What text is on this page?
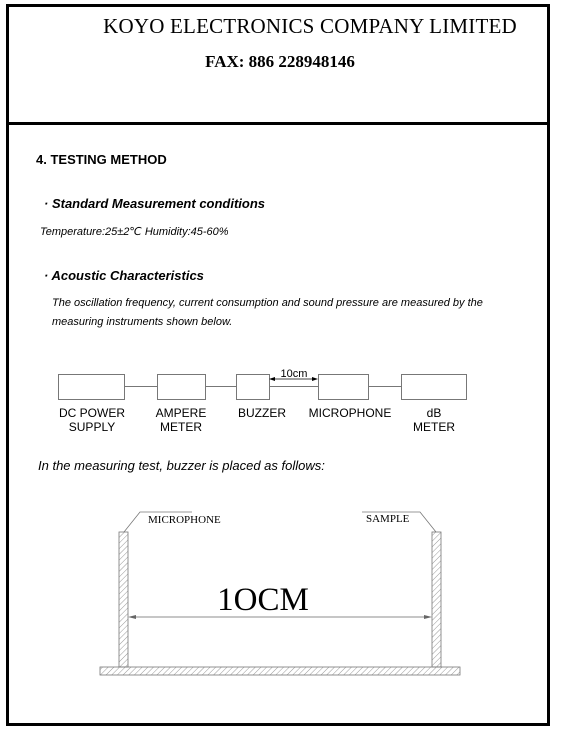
KOYO ELECTRONICS COMPANY LIMITED
FAX: 886 228948146
4. TESTING METHOD
· Standard Measurement conditions
Temperature:25±2℃ Humidity:45-60%
· Acoustic Characteristics
The oscillation frequency, current consumption and sound pressure are measured by the
measuring instruments shown below.
10cm
DC POWER
SUPPLY
AMPERE
METER
BUZZER	MICROPHONE	dB
METER
In the measuring test, buzzer is placed as follows:
MICROPHONE	SAMPLE
1OCM
